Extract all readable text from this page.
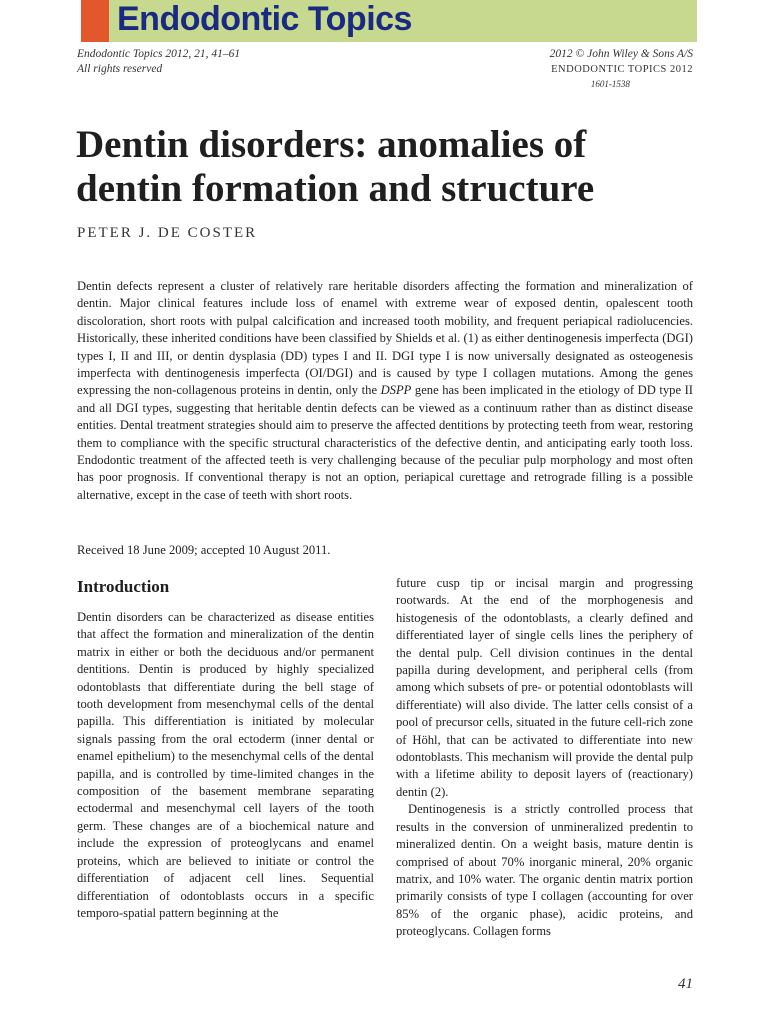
Endodontic Topics
Endodontic Topics 2012, 21, 41–61
All rights reserved
2012 © John Wiley & Sons A/S
ENDODONTIC TOPICS 2012
1601-1538
Dentin disorders: anomalies of dentin formation and structure
PETER J. DE COSTER

Dentin defects represent a cluster of relatively rare heritable disorders affecting the formation and mineralization of dentin. Major clinical features include loss of enamel with extreme wear of exposed dentin, opalescent tooth discoloration, short roots with pulpal calcification and increased tooth mobility, and frequent periapical radiolucencies. Historically, these inherited conditions have been classified by Shields et al. (1) as either dentinogenesis imperfecta (DGI) types I, II and III, or dentin dysplasia (DD) types I and II. DGI type I is now universally designated as osteogenesis imperfecta with dentinogenesis imperfecta (OI/DGI) and is caused by type I collagen mutations. Among the genes expressing the non-collagenous proteins in dentin, only the DSPP gene has been implicated in the etiology of DD type II and all DGI types, suggesting that heritable dentin defects can be viewed as a continuum rather than as distinct disease entities. Dental treatment strategies should aim to preserve the affected dentitions by protecting teeth from wear, restoring them to compliance with the specific structural characteristics of the defective dentin, and anticipating early tooth loss. Endodontic treatment of the affected teeth is very challenging because of the peculiar pulp morphology and most often has poor prognosis. If conventional therapy is not an option, periapical curettage and retrograde filling is a possible alternative, except in the case of teeth with short roots.

Received 18 June 2009; accepted 10 August 2011.

Introduction

Dentin disorders can be characterized as disease entities that affect the formation and mineralization of the dentin matrix in either or both the deciduous and/or permanent dentitions. Dentin is produced by highly specialized odontoblasts that differentiate during the bell stage of tooth development from mesenchymal cells of the dental papilla. This differentiation is initiated by molecular signals passing from the oral ectoderm (inner dental or enamel epithelium) to the mesenchymal cells of the dental papilla, and is controlled by time-limited changes in the composition of the basement membrane separating ectodermal and mesenchymal cell layers of the tooth germ. These changes are of a biochemical nature and include the expression of proteoglycans and enamel proteins, which are believed to initiate or control the differentiation of adjacent cell lines. Sequential differentiation of odontoblasts occurs in a specific temporo-spatial pattern beginning at the

future cusp tip or incisal margin and progressing rootwards. At the end of the morphogenesis and histogenesis of the odontoblasts, a clearly defined and differentiated layer of single cells lines the periphery of the dental pulp. Cell division continues in the dental papilla during development, and peripheral cells (from among which subsets of pre- or potential odontoblasts will differentiate) will also divide. The latter cells consist of a pool of precursor cells, situated in the future cell-rich zone of Höhl, that can be activated to differentiate into new odontoblasts. This mechanism will provide the dental pulp with a lifetime ability to deposit layers of (reactionary) dentin (2).

Dentinogenesis is a strictly controlled process that results in the conversion of unmineralized predentin to mineralized dentin. On a weight basis, mature dentin is comprised of about 70% inorganic mineral, 20% organic matrix, and 10% water. The organic dentin matrix portion primarily consists of type I collagen (accounting for over 85% of the organic phase), acidic proteins, and proteoglycans. Collagen forms

41
